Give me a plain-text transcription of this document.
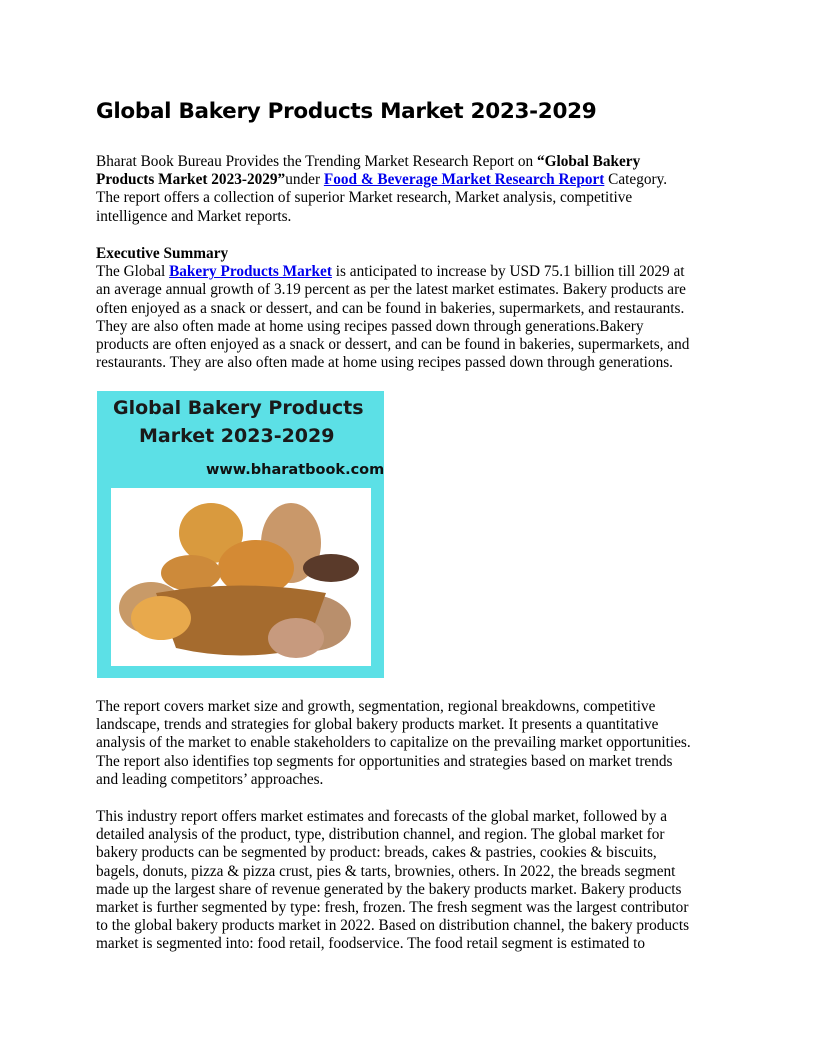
Global Bakery Products Market 2023-2029
Bharat Book Bureau Provides the Trending Market Research Report on “Global Bakery
Products Market 2023-2029”under Food & Beverage Market Research Report Category.
The report offers a collection of superior Market research, Market analysis, competitive
intelligence and Market reports.
Executive Summary
The Global Bakery Products Market is anticipated to increase by USD 75.1 billion till 2029 at
an average annual growth of 3.19 percent as per the latest market estimates. Bakery products are
often enjoyed as a snack or dessert, and can be found in bakeries, supermarkets, and restaurants.
They are also often made at home using recipes passed down through generations.Bakery
products are often enjoyed as a snack or dessert, and can be found in bakeries, supermarkets, and
restaurants. They are also often made at home using recipes passed down through generations.
Global Bakery Products
Market 2023-2029
www.bharatbook.com
The report covers market size and growth, segmentation, regional breakdowns, competitive
landscape, trends and strategies for global bakery products market. It presents a quantitative
analysis of the market to enable stakeholders to capitalize on the prevailing market opportunities.
The report also identifies top segments for opportunities and strategies based on market trends
and leading competitors’ approaches.
This industry report offers market estimates and forecasts of the global market, followed by a
detailed analysis of the product, type, distribution channel, and region. The global market for
bakery products can be segmented by product: breads, cakes & pastries, cookies & biscuits,
bagels, donuts, pizza & pizza crust, pies & tarts, brownies, others. In 2022, the breads segment
made up the largest share of revenue generated by the bakery products market. Bakery products
market is further segmented by type: fresh, frozen. The fresh segment was the largest contributor
to the global bakery products market in 2022. Based on distribution channel, the bakery products
market is segmented into: food retail, foodservice. The food retail segment is estimated to
